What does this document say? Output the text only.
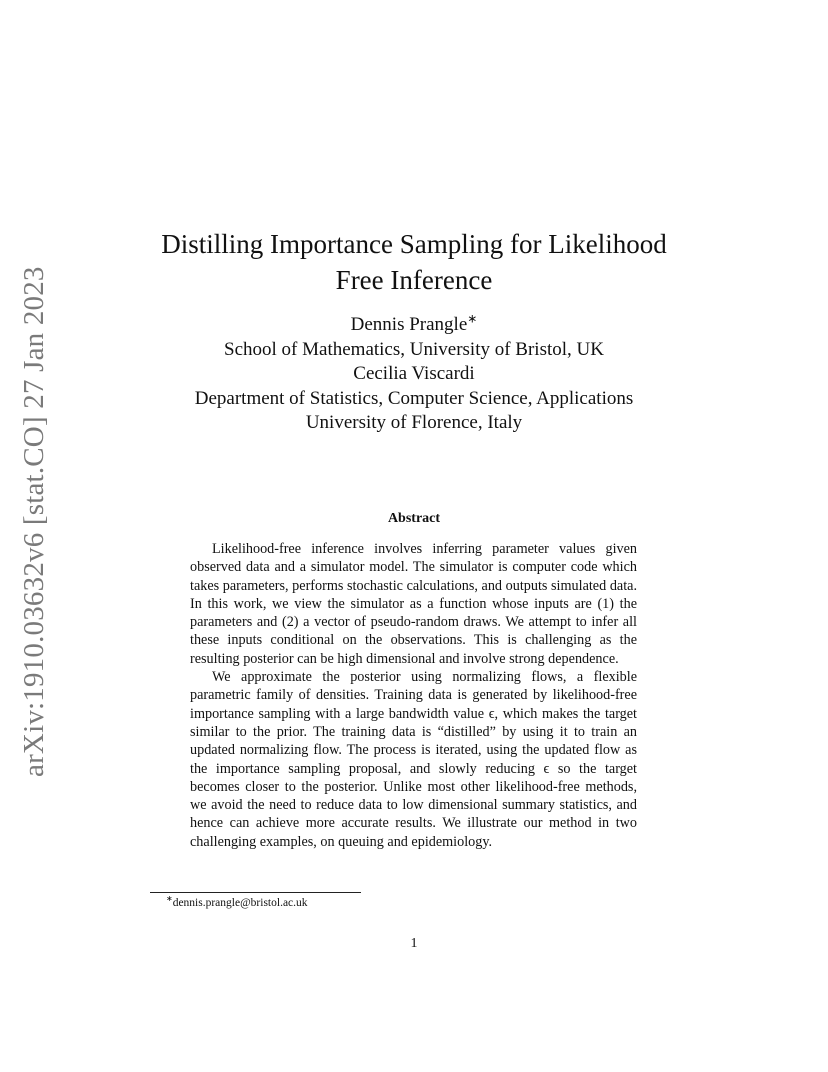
arXiv:1910.03632v6 [stat.CO] 27 Jan 2023
Distilling Importance Sampling for Likelihood
Free Inference
Dennis Prangle∗
School of Mathematics, University of Bristol, UK
Cecilia Viscardi
Department of Statistics, Computer Science, Applications
University of Florence, Italy
Abstract

Likelihood-free inference involves inferring parameter values given observed data and a simulator model. The simulator is computer code which takes parameters, performs stochastic calculations, and outputs simulated data. In this work, we view the simulator as a function whose inputs are (1) the parameters and (2) a vector of pseudo-random draws. We attempt to infer all these inputs conditional on the observations. This is challenging as the resulting posterior can be high dimensional and involve strong dependence.

We approximate the posterior using normalizing flows, a flexible parametric family of densities. Training data is generated by likelihood-free importance sampling with a large bandwidth value ϵ, which makes the target similar to the prior. The training data is “distilled” by using it to train an updated normalizing flow. The process is iterated, using the updated flow as the importance sampling proposal, and slowly reducing ϵ so the target becomes closer to the posterior. Unlike most other likelihood-free methods, we avoid the need to reduce data to low dimensional summary statistics, and hence can achieve more accurate results. We illustrate our method in two challenging examples, on queuing and epidemiology.

∗dennis.prangle@bristol.ac.uk
1
